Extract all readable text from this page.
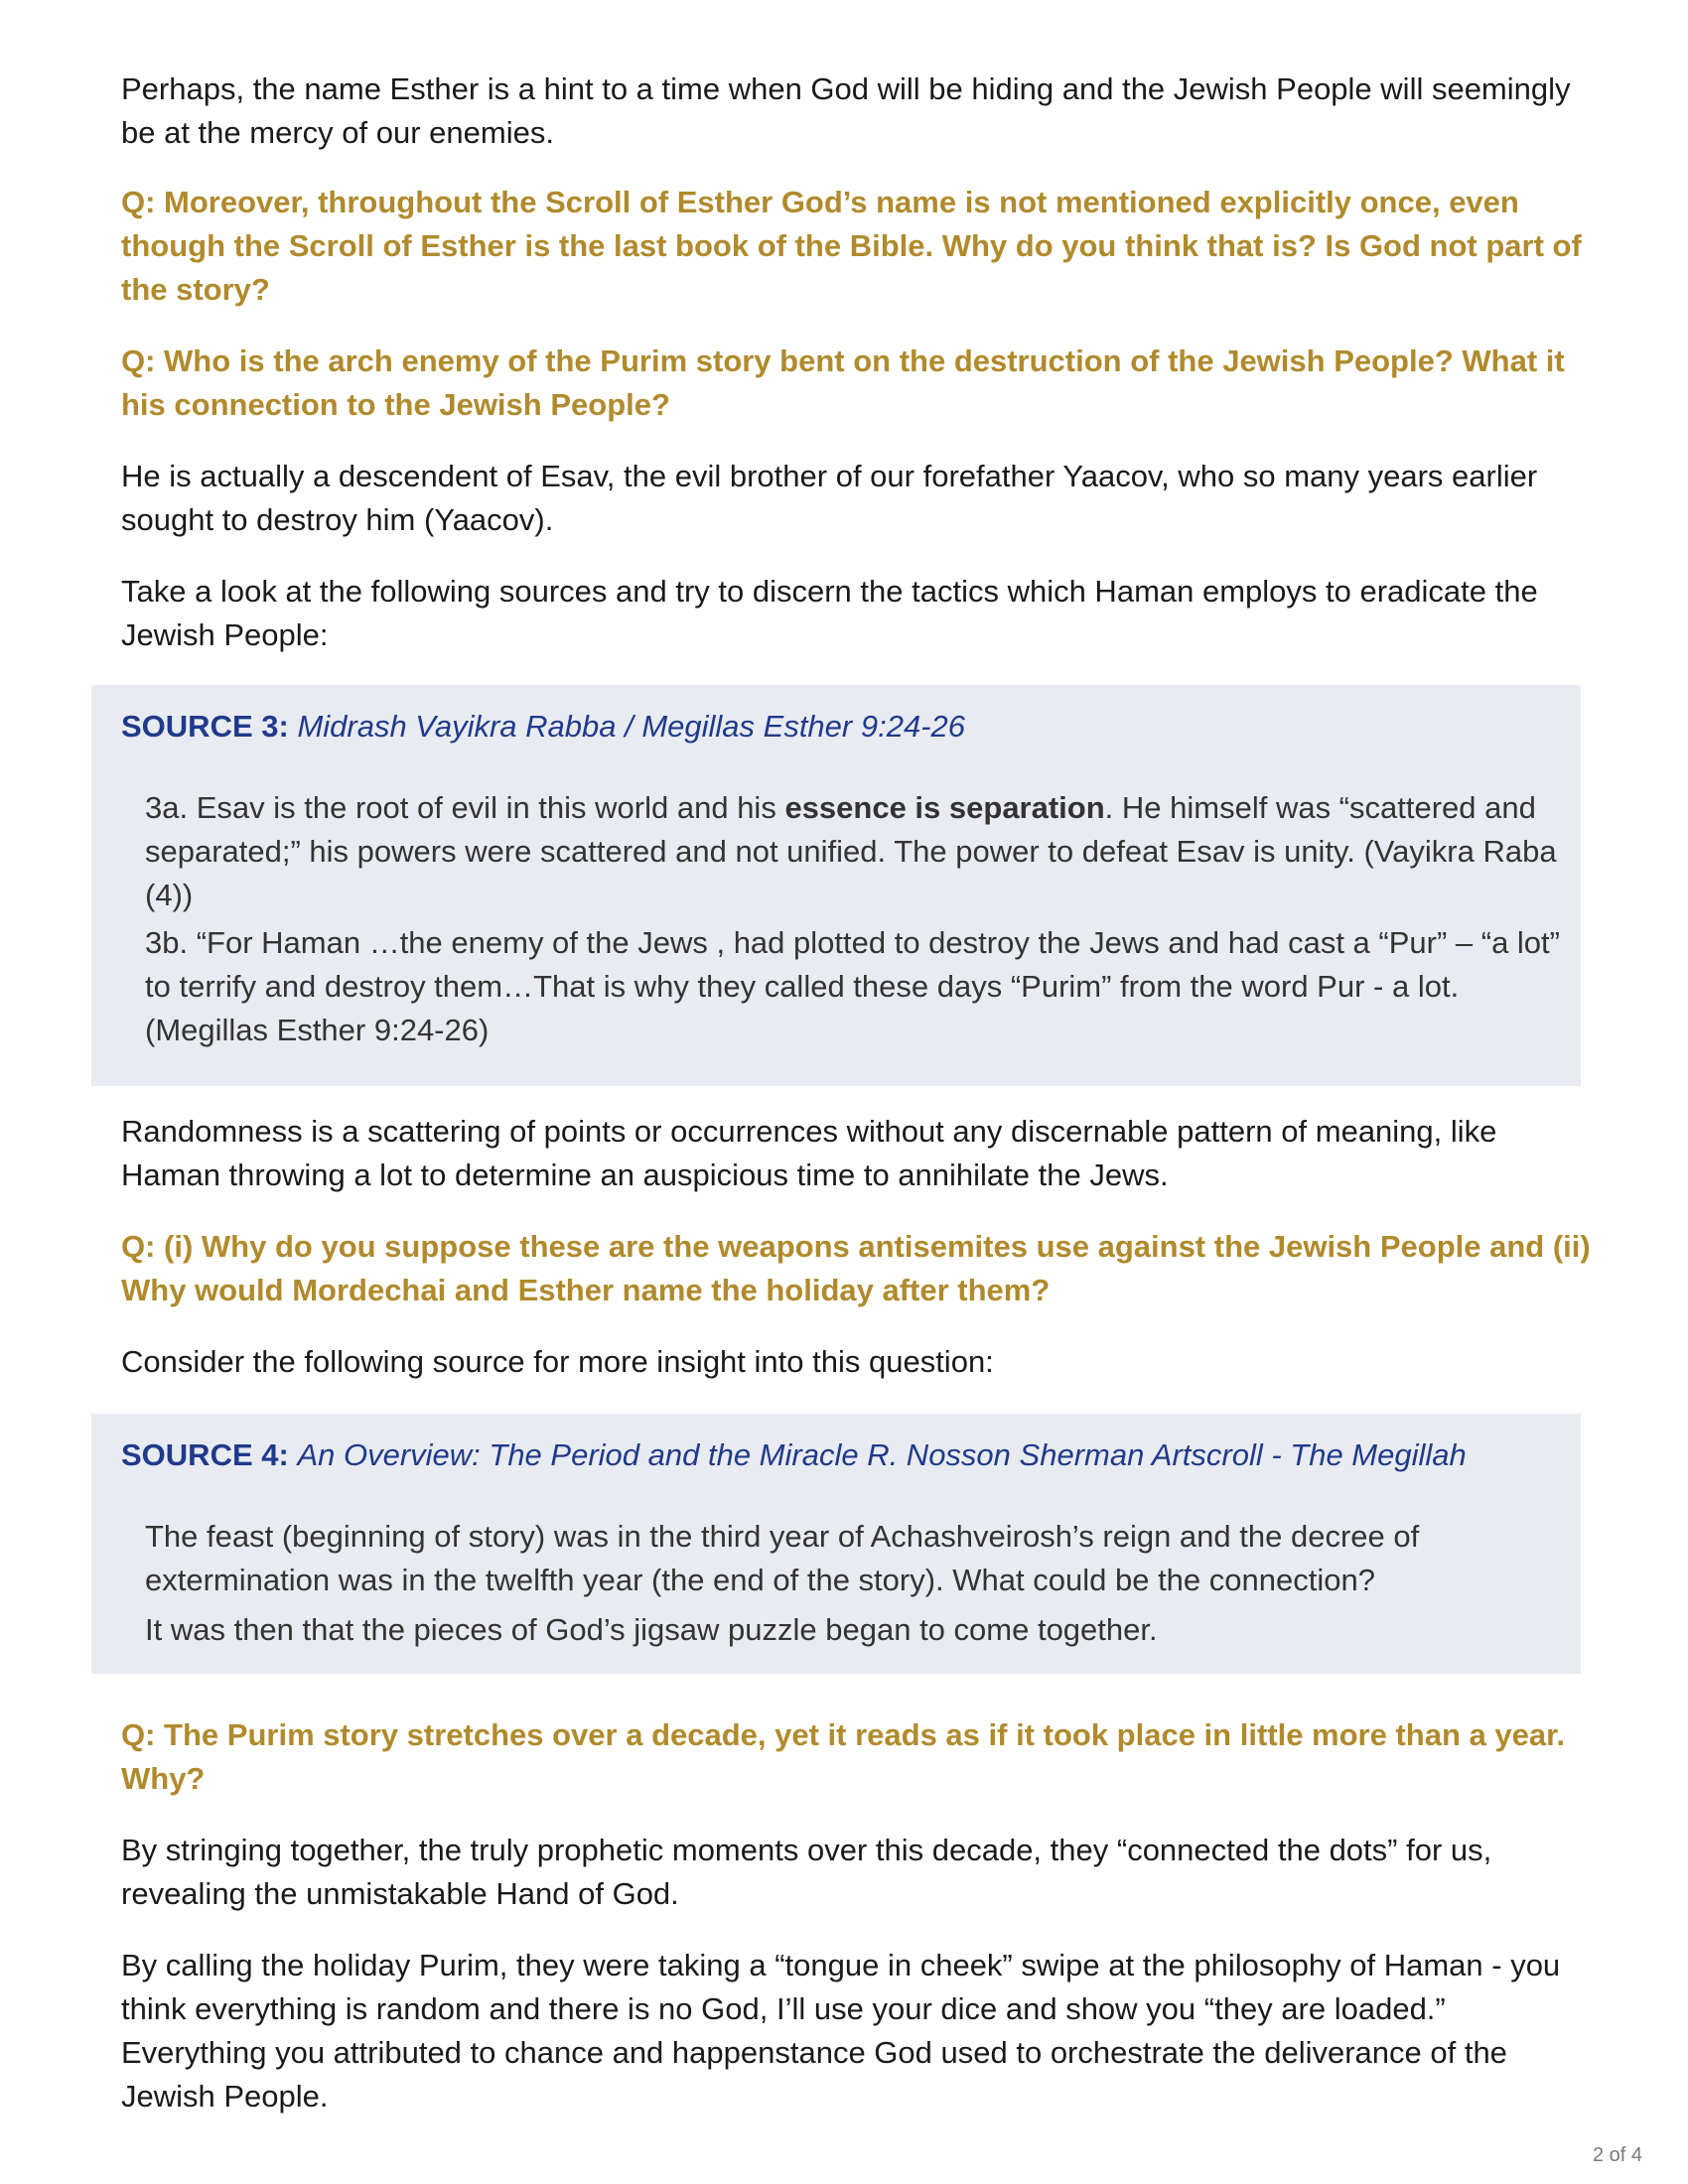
Perhaps, the name Esther is a hint to a time when God will be hiding and the Jewish People will seemingly be at the mercy of our enemies.

Q: Moreover, throughout the Scroll of Esther God’s name is not mentioned explicitly once, even though the Scroll of Esther is the last book of the Bible. Why do you think that is? Is God not part of the story?

Q: Who is the arch enemy of the Purim story bent on the destruction of the Jewish People? What it his connection to the Jewish People?

He is actually a descendent of Esav, the evil brother of our forefather Yaacov, who so many years earlier sought to destroy him (Yaacov).

Take a look at the following sources and try to discern the tactics which Haman employs to eradicate the Jewish People:

SOURCE 3: Midrash Vayikra Rabba / Megillas Esther 9:24-26

3a. Esav is the root of evil in this world and his essence is separation. He himself was “scattered and separated;” his powers were scattered and not unified. The power to defeat Esav is unity. (Vayikra Raba (4))

3b. “For Haman …the enemy of the Jews , had plotted to destroy the Jews and had cast a “Pur” – “a lot” to terrify and destroy them…That is why they called these days “Purim” from the word Pur - a lot. (Megillas Esther 9:24-26)

Randomness is a scattering of points or occurrences without any discernable pattern of meaning, like Haman throwing a lot to determine an auspicious time to annihilate the Jews.

Q: (i) Why do you suppose these are the weapons antisemites use against the Jewish People and (ii) Why would Mordechai and Esther name the holiday after them?

Consider the following source for more insight into this question:

SOURCE 4: An Overview: The Period and the Miracle R. Nosson Sherman Artscroll - The Megillah

The feast (beginning of story) was in the third year of Achashveirosh’s reign and the decree of extermination was in the twelfth year (the end of the story). What could be the connection?

It was then that the pieces of God’s jigsaw puzzle began to come together.

Q: The Purim story stretches over a decade, yet it reads as if it took place in little more than a year. Why?

By stringing together, the truly prophetic moments over this decade, they “connected the dots” for us, revealing the unmistakable Hand of God.

By calling the holiday Purim, they were taking a “tongue in cheek” swipe at the philosophy of Haman - you think everything is random and there is no God, I’ll use your dice and show you “they are loaded.” Everything you attributed to chance and happenstance God used to orchestrate the deliverance of the Jewish People.

2 of 4
